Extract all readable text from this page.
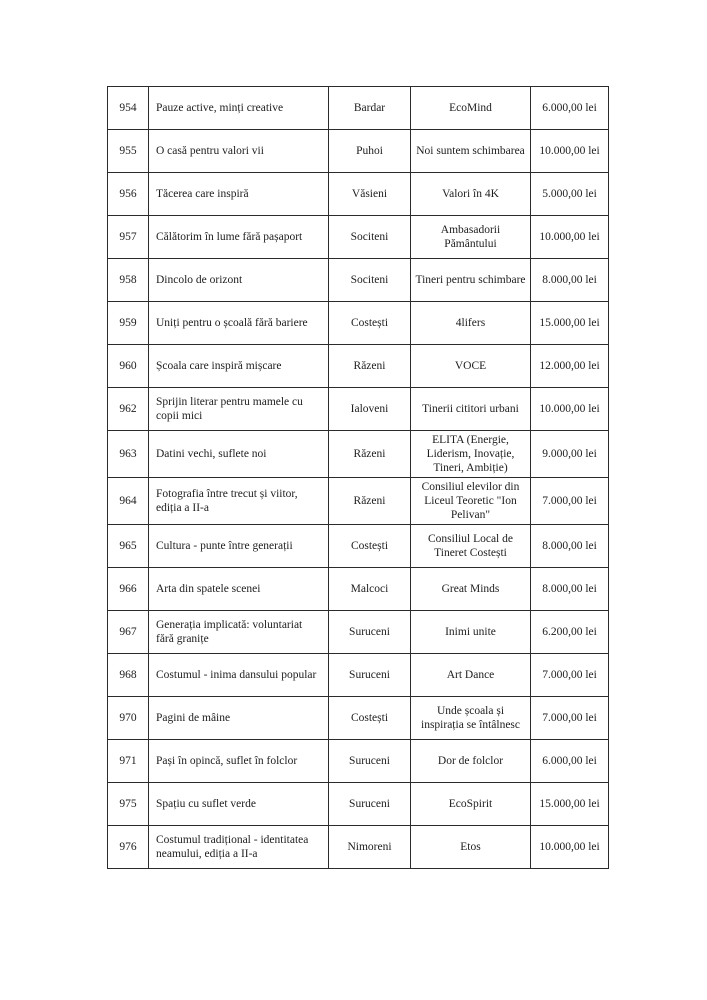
954	Pauze active, minți creative	Bardar	EcoMind	6.000,00 lei
955	O casă pentru valori vii	Puhoi	Noi suntem schimbarea	10.000,00 lei
956	Tăcerea care inspiră	Văsieni	Valori în 4K	5.000,00 lei
957	Călătorim în lume fără pașaport	Sociteni	Ambasadorii Pământului	10.000,00 lei
958	Dincolo de orizont	Sociteni	Tineri pentru schimbare	8.000,00 lei
959	Uniți pentru o școală fără bariere	Costești	4lifers	15.000,00 lei
960	Școala care inspiră mișcare	Răzeni	VOCE	12.000,00 lei
962	Sprijin literar pentru mamele cu copii mici	Ialoveni	Tinerii cititori urbani	10.000,00 lei
963	Datini vechi, suflete noi	Răzeni	ELITA (Energie, Liderism, Inovație, Tineri, Ambiție)	9.000,00 lei
964	Fotografia între trecut și viitor, ediția a II-a	Răzeni	Consiliul elevilor din Liceul Teoretic "Ion Pelivan"	7.000,00 lei
965	Cultura - punte între generații	Costești	Consiliul Local de Tineret Costești	8.000,00 lei
966	Arta din spatele scenei	Malcoci	Great Minds	8.000,00 lei
967	Generația implicată: voluntariat fără granițe	Suruceni	Inimi unite	6.200,00 lei
968	Costumul - inima dansului popular	Suruceni	Art Dance	7.000,00 lei
970	Pagini de mâine	Costești	Unde școala și inspirația se întâlnesc	7.000,00 lei
971	Pași în opincă, suflet în folclor	Suruceni	Dor de folclor	6.000,00 lei
975	Spațiu cu suflet verde	Suruceni	EcoSpirit	15.000,00 lei
976	Costumul tradițional - identitatea neamului, ediția a II-a	Nimoreni	Etos	10.000,00 lei
